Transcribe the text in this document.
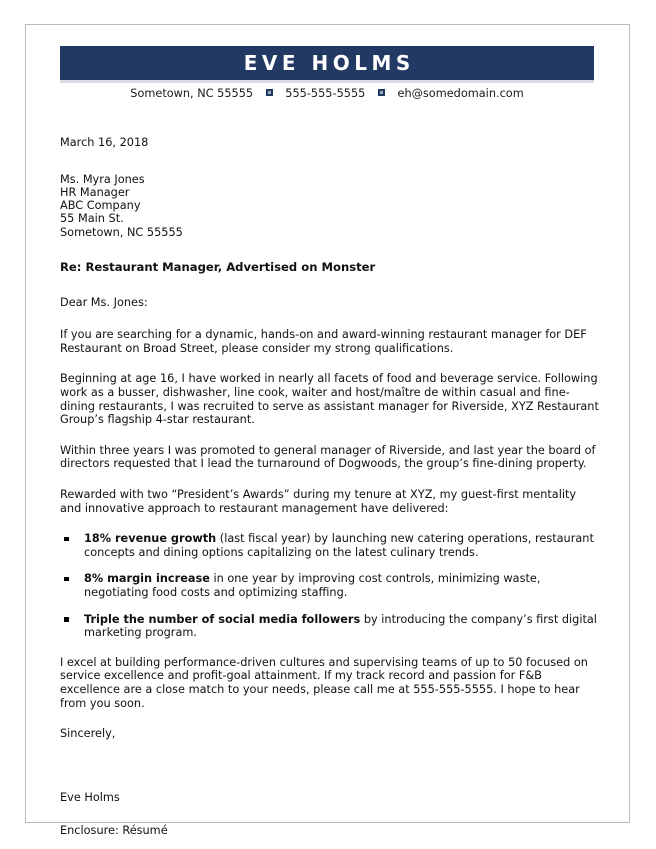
EVE HOLMS
Sometown, NC 55555	555-555-5555	eh@somedomain.com
March 16, 2018
Ms. Myra Jones
HR Manager
ABC Company
55 Main St.
Sometown, NC 55555
Re: Restaurant Manager, Advertised on Monster
Dear Ms. Jones:

If you are searching for a dynamic, hands-on and award-winning restaurant manager for DEF Restaurant on Broad Street, please consider my strong qualifications.

Beginning at age 16, I have worked in nearly all facets of food and beverage service. Following work as a busser, dishwasher, line cook, waiter and host/maître de within casual and fine-dining restaurants, I was recruited to serve as assistant manager for Riverside, XYZ Restaurant Group’s flagship 4-star restaurant.

Within three years I was promoted to general manager of Riverside, and last year the board of directors requested that I lead the turnaround of Dogwoods, the group’s fine-dining property.

Rewarded with two “President’s Awards” during my tenure at XYZ, my guest-first mentality and innovative approach to restaurant management have delivered:

18% revenue growth (last fiscal year) by launching new catering operations, restaurant concepts and dining options capitalizing on the latest culinary trends.
8% margin increase in one year by improving cost controls, minimizing waste, negotiating food costs and optimizing staffing.
Triple the number of social media followers by introducing the company’s first digital marketing program.

I excel at building performance-driven cultures and supervising teams of up to 50 focused on service excellence and profit-goal attainment. If my track record and passion for F&B excellence are a close match to your needs, please call me at 555-555-5555. I hope to hear from you soon.

Sincerely,
Eve Holms
Enclosure: Résumé
